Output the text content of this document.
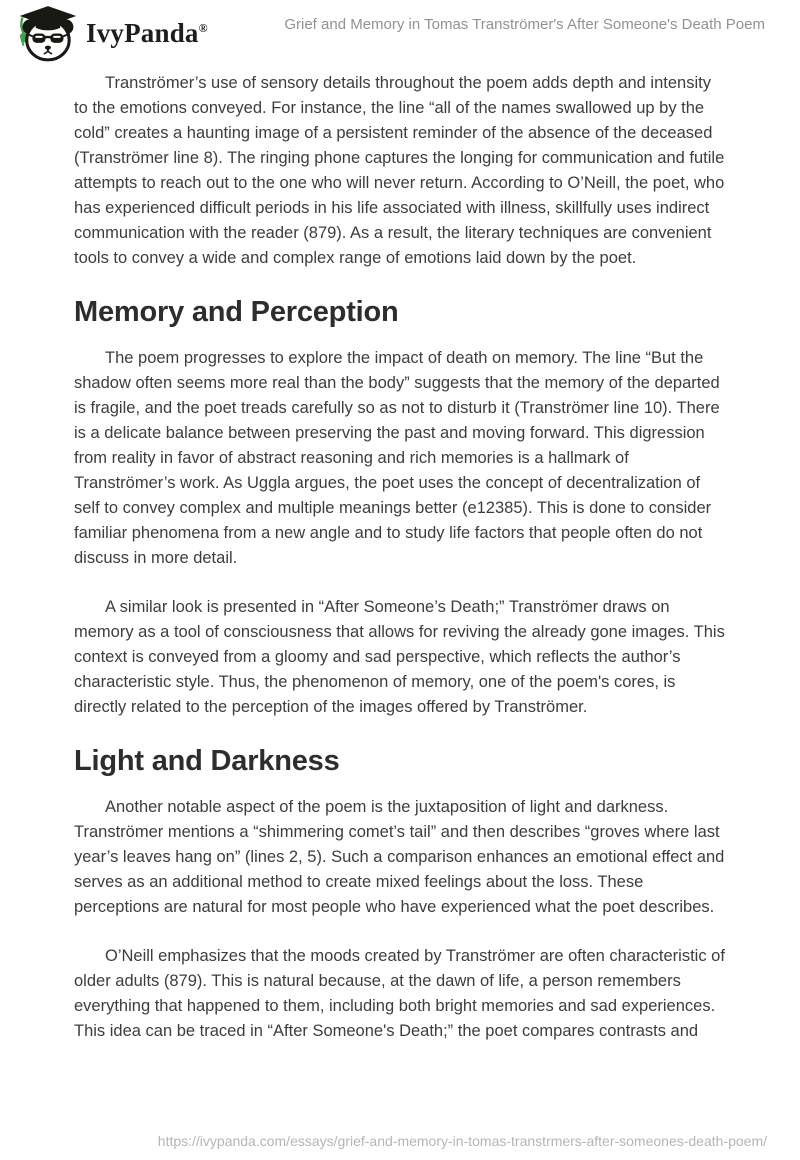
IvyPanda®	Grief and Memory in Tomas Tranströmer's After Someone's Death Poem

Tranströmer’s use of sensory details throughout the poem adds depth and intensity to the emotions conveyed. For instance, the line “all of the names swallowed up by the cold” creates a haunting image of a persistent reminder of the absence of the deceased (Tranströmer line 8). The ringing phone captures the longing for communication and futile attempts to reach out to the one who will never return. According to O’Neill, the poet, who has experienced difficult periods in his life associated with illness, skillfully uses indirect communication with the reader (879). As a result, the literary techniques are convenient tools to convey a wide and complex range of emotions laid down by the poet.

Memory and Perception

The poem progresses to explore the impact of death on memory. The line “But the shadow often seems more real than the body” suggests that the memory of the departed is fragile, and the poet treads carefully so as not to disturb it (Tranströmer line 10). There is a delicate balance between preserving the past and moving forward. This digression from reality in favor of abstract reasoning and rich memories is a hallmark of Tranströmer’s work. As Uggla argues, the poet uses the concept of decentralization of self to convey complex and multiple meanings better (e12385). This is done to consider familiar phenomena from a new angle and to study life factors that people often do not discuss in more detail.

A similar look is presented in “After Someone’s Death;” Tranströmer draws on memory as a tool of consciousness that allows for reviving the already gone images. This context is conveyed from a gloomy and sad perspective, which reflects the author’s characteristic style. Thus, the phenomenon of memory, one of the poem's cores, is directly related to the perception of the images offered by Tranströmer.

Light and Darkness

Another notable aspect of the poem is the juxtaposition of light and darkness. Tranströmer mentions a “shimmering comet’s tail” and then describes “groves where last year’s leaves hang on” (lines 2, 5). Such a comparison enhances an emotional effect and serves as an additional method to create mixed feelings about the loss. These perceptions are natural for most people who have experienced what the poet describes.

O’Neill emphasizes that the moods created by Tranströmer are often characteristic of older adults (879). This is natural because, at the dawn of life, a person remembers everything that happened to them, including both bright memories and sad experiences. This idea can be traced in “After Someone's Death;” the poet compares contrasts and

https://ivypanda.com/essays/grief-and-memory-in-tomas-transtrmers-after-someones-death-poem/
